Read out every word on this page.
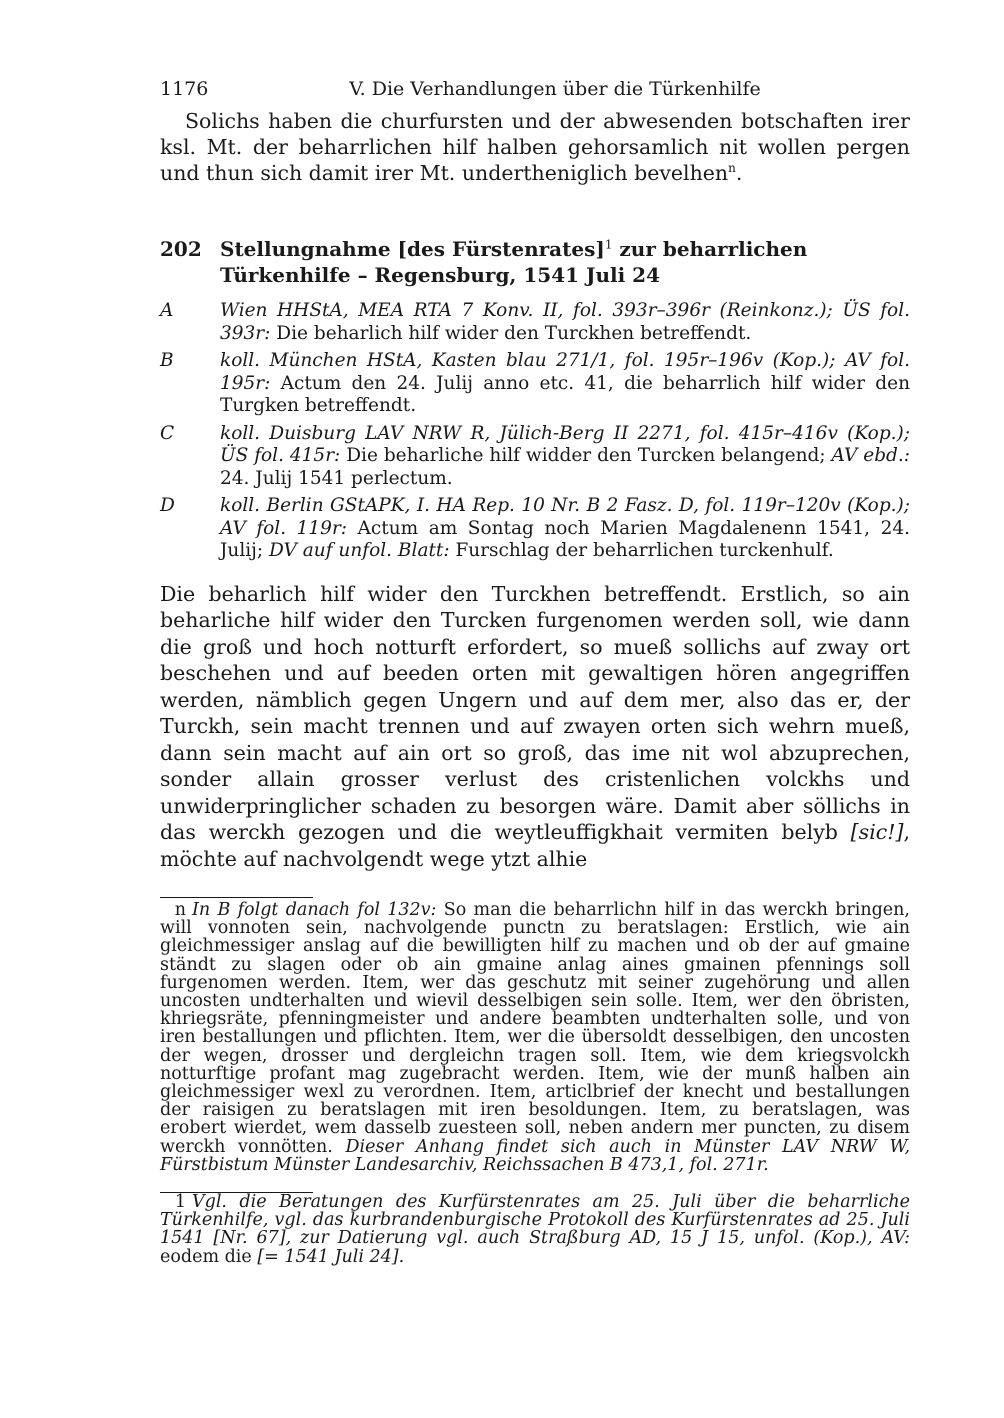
1176	V. Die Verhandlungen über die Türkenhilfe

Solichs haben die churfursten und der abwesenden botschaften irer ksl. Mt. der beharrlichen hilf halben gehorsamlich nit wollen pergen und thun sich damit irer Mt. undertheniglich bevelhen$^n$.

202 Stellungnahme [des Fürstenrates]$^1$ zur beharrlichen Türkenhilfe – Regensburg, 1541 Juli 24
A	Wien HHStA, MEA RTA 7 Konv. II, fol. 393r–396r (Reinkonz.); ÜS fol. 393r: Die beharlich hilf wider den Turckhen betreffendt.
B	koll. München HStA, Kasten blau 271/1, fol. 195r–196v (Kop.); AV fol. 195r: Actum den 24. Julij anno etc. 41, die beharrlich hilf wider den Turgken betreffendt.
C	koll. Duisburg LAV NRW R, Jülich-Berg II 2271, fol. 415r–416v (Kop.); ÜS fol. 415r: Die beharliche hilf widder den Turcken belangend; AV ebd.: 24. Julij 1541 perlectum.
D	koll. Berlin GStAPK, I. HA Rep. 10 Nr. B 2 Fasz. D, fol. 119r–120v (Kop.); AV fol. 119r: Actum am Sontag noch Marien Magdalenenn 1541, 24. Julij; DV auf unfol. Blatt: Furschlag der beharrlichen turckenhulf.

Die beharlich hilf wider den Turckhen betreffendt. Erstlich, so ain beharliche hilf wider den Turcken furgenomen werden soll, wie dann die groß und hoch notturft erfordert, so mueß sollichs auf zway ort beschehen und auf beeden orten mit gewaltigen hören angegriffen werden, nämblich gegen Ungern und auf dem mer, also das er, der Turckh, sein macht trennen und auf zwayen orten sich wehrn mueß, dann sein macht auf ain ort so groß, das ime nit wol abzuprechen, sonder allain grosser verlust des cristenlichen volckhs und unwiderpringlicher schaden zu besorgen wäre. Damit aber söllichs in das werckh gezogen und die weytleuffigkhait vermiten belyb [sic!], möchte auf nachvolgendt wege ytzt alhie

n In B folgt danach fol 132v: So man die beharrlichn hilf in das werckh bringen, will vonnoten sein, nachvolgende punctn zu beratslagen: Erstlich, wie ain gleichmessiger anslag auf die bewilligten hilf zu machen und ob der auf gmaine ständt zu slagen oder ob ain gmaine anlag aines gmainen pfennings soll furgenomen werden. Item, wer das geschutz mit seiner zugehörung und allen uncosten undterhalten und wievil desselbigen sein solle. Item, wer den öbristen, khriegsräte, pfenningmeister und andere beambten undterhalten solle, und von iren bestallungen und pflichten. Item, wer die übersoldt desselbigen, den uncosten der wegen, drosser und dergleichn tragen soll. Item, wie dem kriegsvolckh notturftige profant mag zugebracht werden. Item, wie der munß halben ain gleichmessiger wexl zu verordnen. Item, articlbrief der knecht und bestallungen der raisigen zu beratslagen mit iren besoldungen. Item, zu beratslagen, was erobert wierdet, wem dasselb zuesteen soll, neben andern mer puncten, zu disem werckh vonnötten. Dieser Anhang findet sich auch in Münster LAV NRW W, Fürstbistum Münster Landesarchiv, Reichssachen B 473,1, fol. 271r.

1 Vgl. die Beratungen des Kurfürstenrates am 25. Juli über die beharrliche Türkenhilfe, vgl. das kurbrandenburgische Protokoll des Kurfürstenrates ad 25. Juli 1541 [Nr. 67], zur Datierung vgl. auch Straßburg AD, 15 J 15, unfol. (Kop.), AV: eodem die [= 1541 Juli 24].
